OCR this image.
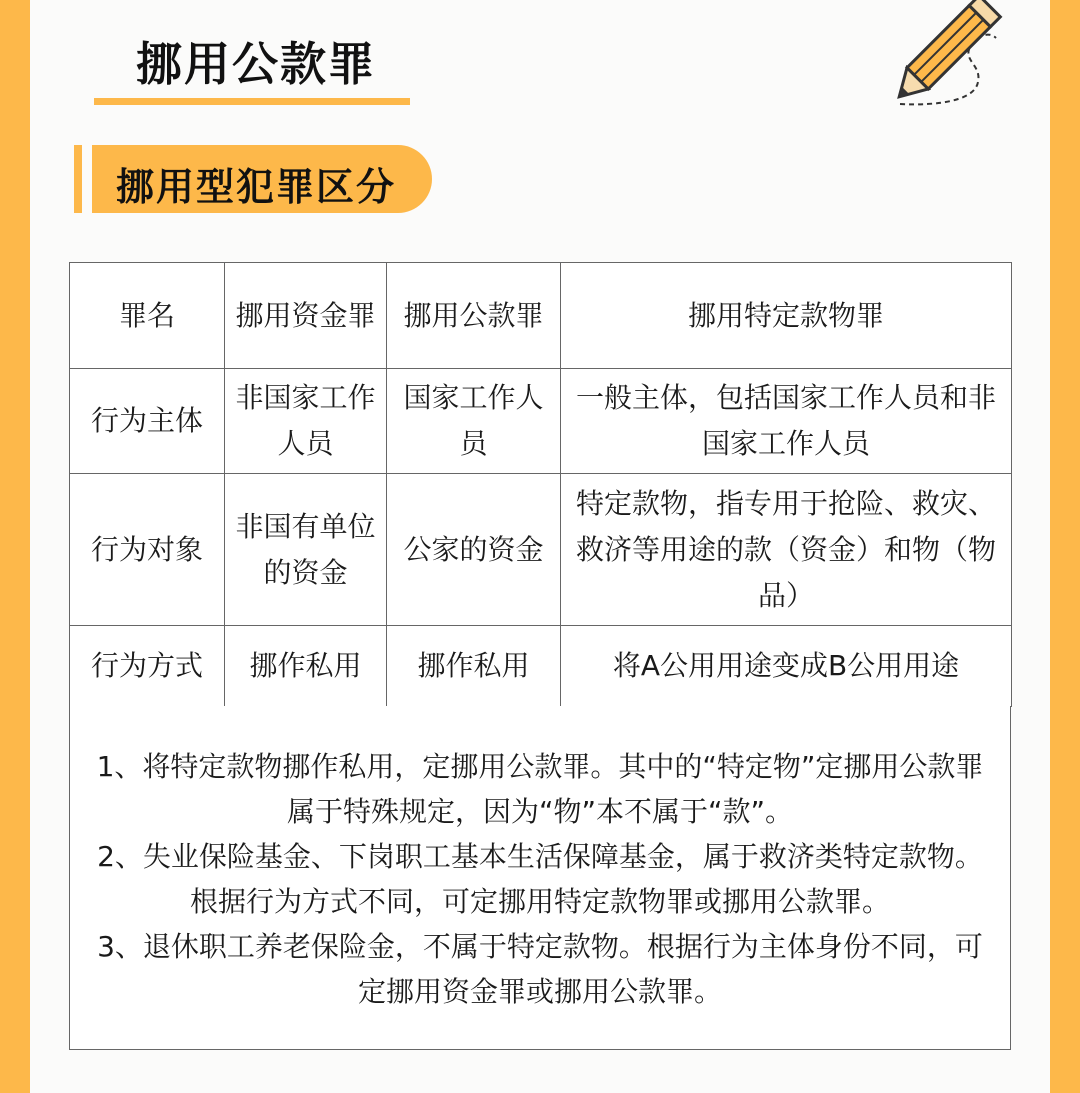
挪用公款罪
挪用型犯罪区分
罪名	挪用资金罪	挪用公款罪	挪用特定款物罪
行为主体	非国家工作人员	国家工作人员	一般主体，包括国家工作人员和非国家工作人员
行为对象	非国有单位的资金	公家的资金	特定款物，指专用于抢险、救灾、救济等用途的款（资金）和物（物品）
行为方式	挪作私用	挪作私用	将A公用用途变成B公用用途

1、将特定款物挪作私用，定挪用公款罪。其中的“特定物”定挪用公款罪属于特殊规定，因为“物”本不属于“款”。

2、失业保险基金、下岗职工基本生活保障基金，属于救济类特定款物。根据行为方式不同，可定挪用特定款物罪或挪用公款罪。

3、退休职工养老保险金，不属于特定款物。根据行为主体身份不同，可定挪用资金罪或挪用公款罪。
